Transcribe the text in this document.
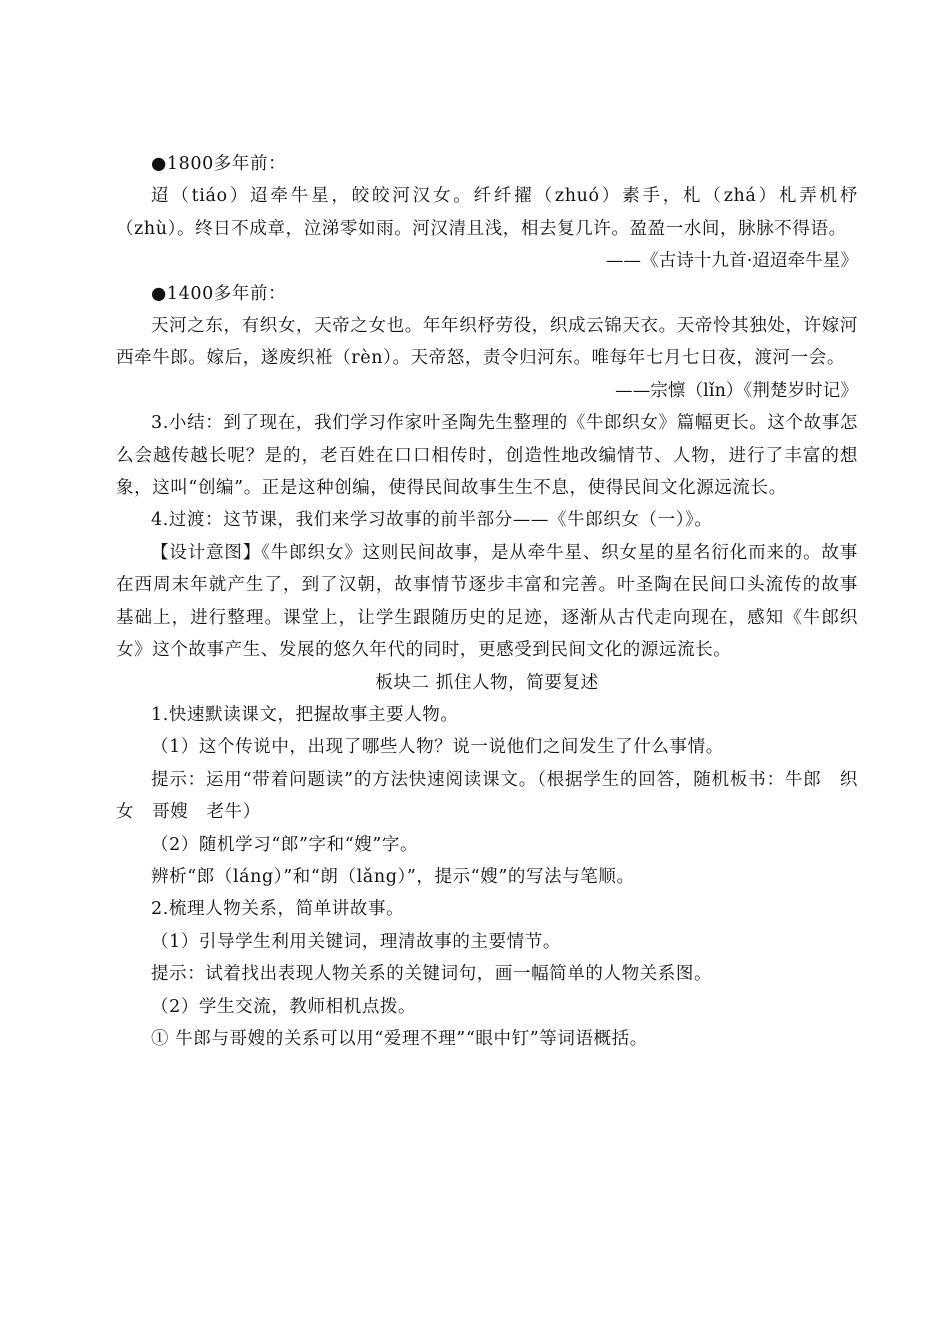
●1800多年前：

迢（tiáo）迢牵牛星，皎皎河汉女。纤纤擢（zhuó）素手，札（zhá）札弄机杼（zhù）。终日不成章，泣涕零如雨。河汉清且浅，相去复几许。盈盈一水间，脉脉不得语。

——《古诗十九首·迢迢牵牛星》

●1400多年前：

天河之东，有织女，天帝之女也。年年织杼劳役，织成云锦天衣。天帝怜其独处，许嫁河西牵牛郎。嫁后，遂废织袵（rèn）。天帝怒，责令归河东。唯每年七月七日夜，渡河一会。

——宗懔（lǐn）《荆楚岁时记》

3.小结：到了现在，我们学习作家叶圣陶先生整理的《牛郎织女》篇幅更长。这个故事怎么会越传越长呢？是的，老百姓在口口相传时，创造性地改编情节、人物，进行了丰富的想象，这叫“创编”。正是这种创编，使得民间故事生生不息，使得民间文化源远流长。

4.过渡：这节课，我们来学习故事的前半部分——《牛郎织女（一）》。

【设计意图】《牛郎织女》这则民间故事，是从牵牛星、织女星的星名衍化而来的。故事在西周末年就产生了，到了汉朝，故事情节逐步丰富和完善。叶圣陶在民间口头流传的故事基础上，进行整理。课堂上，让学生跟随历史的足迹，逐渐从古代走向现在，感知《牛郎织女》这个故事产生、发展的悠久年代的同时，更感受到民间文化的源远流长。

板块二 抓住人物，简要复述

1.快速默读课文，把握故事主要人物。

（1）这个传说中，出现了哪些人物？说一说他们之间发生了什么事情。

提示：运用“带着问题读”的方法快速阅读课文。（根据学生的回答，随机板书：牛郎　织女　哥嫂　老牛）

（2）随机学习“郎”字和“嫂”字。

辨析“郎（láng）”和“朗（lǎng）”，提示“嫂”的写法与笔顺。

2.梳理人物关系，简单讲故事。

（1）引导学生利用关键词，理清故事的主要情节。

提示：试着找出表现人物关系的关键词句，画一幅简单的人物关系图。

（2）学生交流，教师相机点拨。

① 牛郎与哥嫂的关系可以用“爱理不理”“眼中钉”等词语概括。
